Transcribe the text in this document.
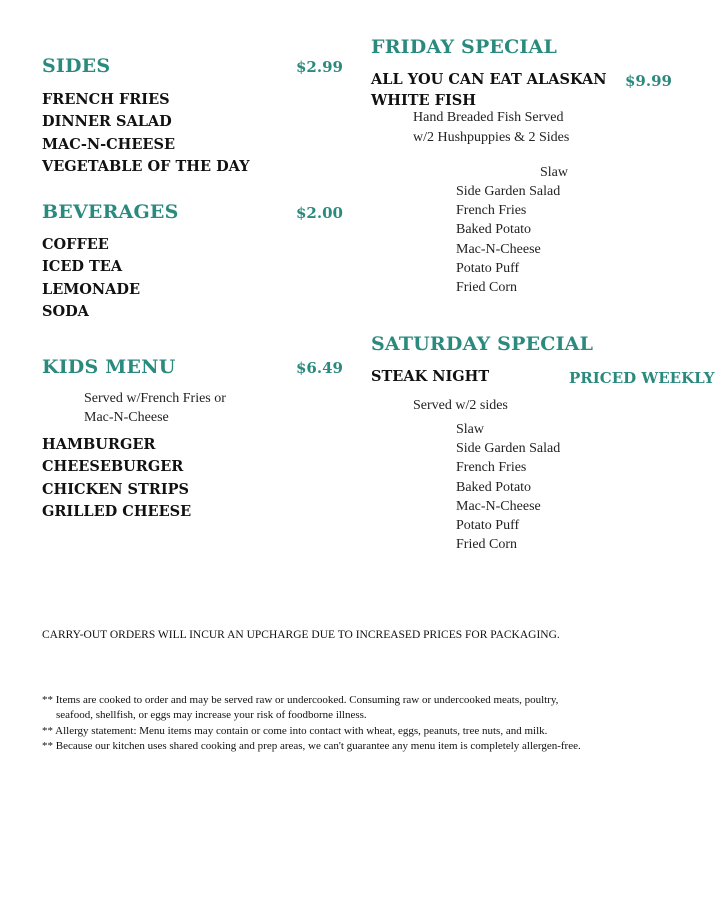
SIDES	$2.99
FRENCH FRIES
DINNER SALAD
MAC-N-CHEESE
VEGETABLE OF THE DAY
BEVERAGES	$2.00
COFFEE
ICED TEA
LEMONADE
SODA
KIDS MENU	$6.49
Served w/French Fries or
Mac-N-Cheese
HAMBURGER
CHEESEBURGER
CHICKEN STRIPS
GRILLED CHEESE
FRIDAY SPECIAL
ALL YOU CAN EAT ALASKAN
WHITE FISH
$9.99
Hand Breaded Fish Served
w/2 Hushpuppies & 2 Sides
Slaw
Side Garden Salad
French Fries
Baked Potato
Mac-N-Cheese
Potato Puff
Fried Corn
SATURDAY SPECIAL
STEAK NIGHT	PRICED WEEKLY
Served w/2 sides
Slaw
Side Garden Salad
French Fries
Baked Potato
Mac-N-Cheese
Potato Puff
Fried Corn
CARRY-OUT ORDERS WILL INCUR AN UPCHARGE DUE TO INCREASED PRICES FOR PACKAGING.
** Items are cooked to order and may be served raw or undercooked. Consuming raw or undercooked meats, poultry,
seafood, shellfish, or eggs may increase your risk of foodborne illness.
** Allergy statement: Menu items may contain or come into contact with wheat, eggs, peanuts, tree nuts, and milk.
** Because our kitchen uses shared cooking and prep areas, we can't guarantee any menu item is completely allergen-free.
